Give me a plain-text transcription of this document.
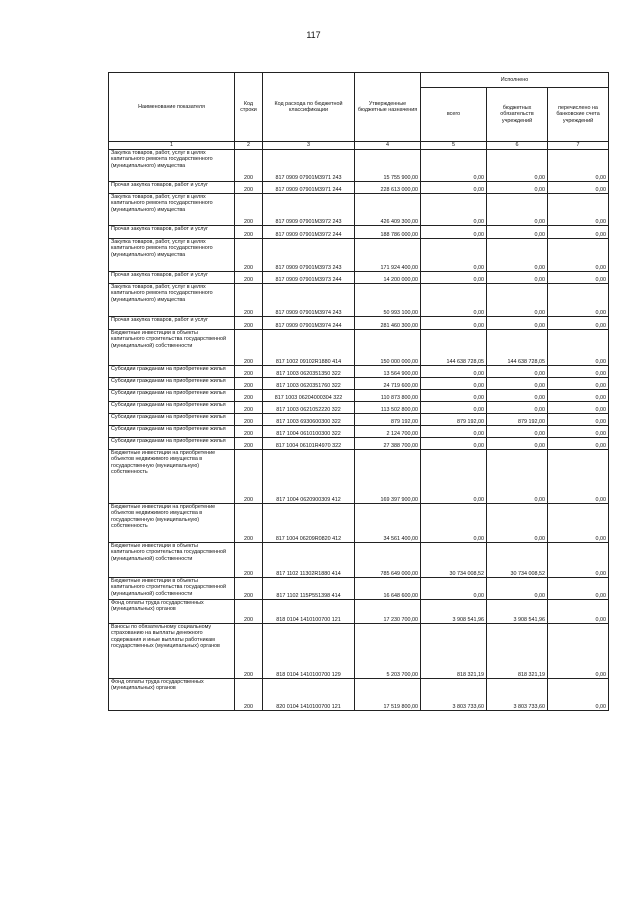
117
Наименование показателя	Код строки	Код расхода по бюджетной классификации	Утвержденные бюджетные назначения	Исполнено		
				всего	бюджетных обязательств учреждений	перечислено на банковские счета учреждений
1	2	3	4	5	6	7
Закупка товаров, работ, услуг в целях капитального ремонта государственного (муниципального) имущества	200	817 0909 07901M3971 243	15 755 900,00	0,00	0,00	0,00
Прочая закупка товаров, работ и услуг	200	817 0909 07901M3971 244	228 613 000,00	0,00	0,00	0,00
Закупка товаров, работ, услуг в целях капитального ремонта государственного (муниципального) имущества	200	817 0909 07901M3972 243	426 409 300,00	0,00	0,00	0,00
Прочая закупка товаров, работ и услуг	200	817 0909 07901M3972 244	188 786 000,00	0,00	0,00	0,00
Закупка товаров, работ, услуг в целях капитального ремонта государственного (муниципального) имущества	200	817 0909 07901M3973 243	171 924 400,00	0,00	0,00	0,00
Прочая закупка товаров, работ и услуг	200	817 0909 07901M3973 244	14 200 000,00	0,00	0,00	0,00
Закупка товаров, работ, услуг в целях капитального ремонта государственного (муниципального) имущества	200	817 0909 07901M3974 243	50 993 100,00	0,00	0,00	0,00
Прочая закупка товаров, работ и услуг	200	817 0909 07901M3974 244	281 460 300,00	0,00	0,00	0,00
Бюджетные инвестиции в объекты капитального строительства государственной (муниципальной) собственности	200	817 1002 09102R1880 414	150 000 000,00	144 638 728,05	144 638 728,05	0,00
Субсидии гражданам на приобретение жилья	200	817 1003 0620351350 322	13 564 900,00	0,00	0,00	0,00
Субсидии гражданам на приобретение жилья	200	817 1003 0620351760 322	24 719 600,00	0,00	0,00	0,00
Субсидии гражданам на приобретение жилья	200	817 1003 06204000304 322	110 873 800,00	0,00	0,00	0,00
Субсидии гражданам на приобретение жилья	200	817 1003 0621052220 322	113 502 800,00	0,00	0,00	0,00
Субсидии гражданам на приобретение жилья	200	817 1003 6930600300 322	879 192,00	879 192,00	879 192,00	0,00
Субсидии гражданам на приобретение жилья	200	817 1004 0610100300 322	2 124 700,00	0,00	0,00	0,00
Субсидии гражданам на приобретение жилья	200	817 1004 06101R4970 322	27 388 700,00	0,00	0,00	0,00
Бюджетные инвестиции на приобретение объектов недвижимого имущества в государственную (муниципальную) собственность	200	817 1004 0620900309 412	169 397 900,00	0,00	0,00	0,00
Бюджетные инвестиции на приобретение объектов недвижимого имущества в государственную (муниципальную) собственность	200	817 1004 06209R0820 412	34 561 400,00	0,00	0,00	0,00
Бюджетные инвестиции в объекты капитального строительства государственной (муниципальной) собственности	200	817 1102 11302R1880 414	785 649 000,00	30 734 008,52	30 734 008,52	0,00
Бюджетные инвестиции в объекты капитального строительства государственной (муниципальной) собственности	200	817 1102 115P551398 414	16 648 600,00	0,00	0,00	0,00
Фонд оплаты труда государственных (муниципальных) органов	200	818 0104 1410100700 121	17 230 700,00	3 908 541,96	3 908 541,96	0,00
Взносы по обязательному социальному страхованию на выплаты денежного содержания и иные выплаты работникам государственных (муниципальных) органов	200	818 0104 1410100700 129	5 203 700,00	818 321,19	818 321,19	0,00
Фонд оплаты труда государственных (муниципальных) органов	200	820 0104 1410100700 121	17 519 800,00	3 803 733,60	3 803 733,60	0,00
